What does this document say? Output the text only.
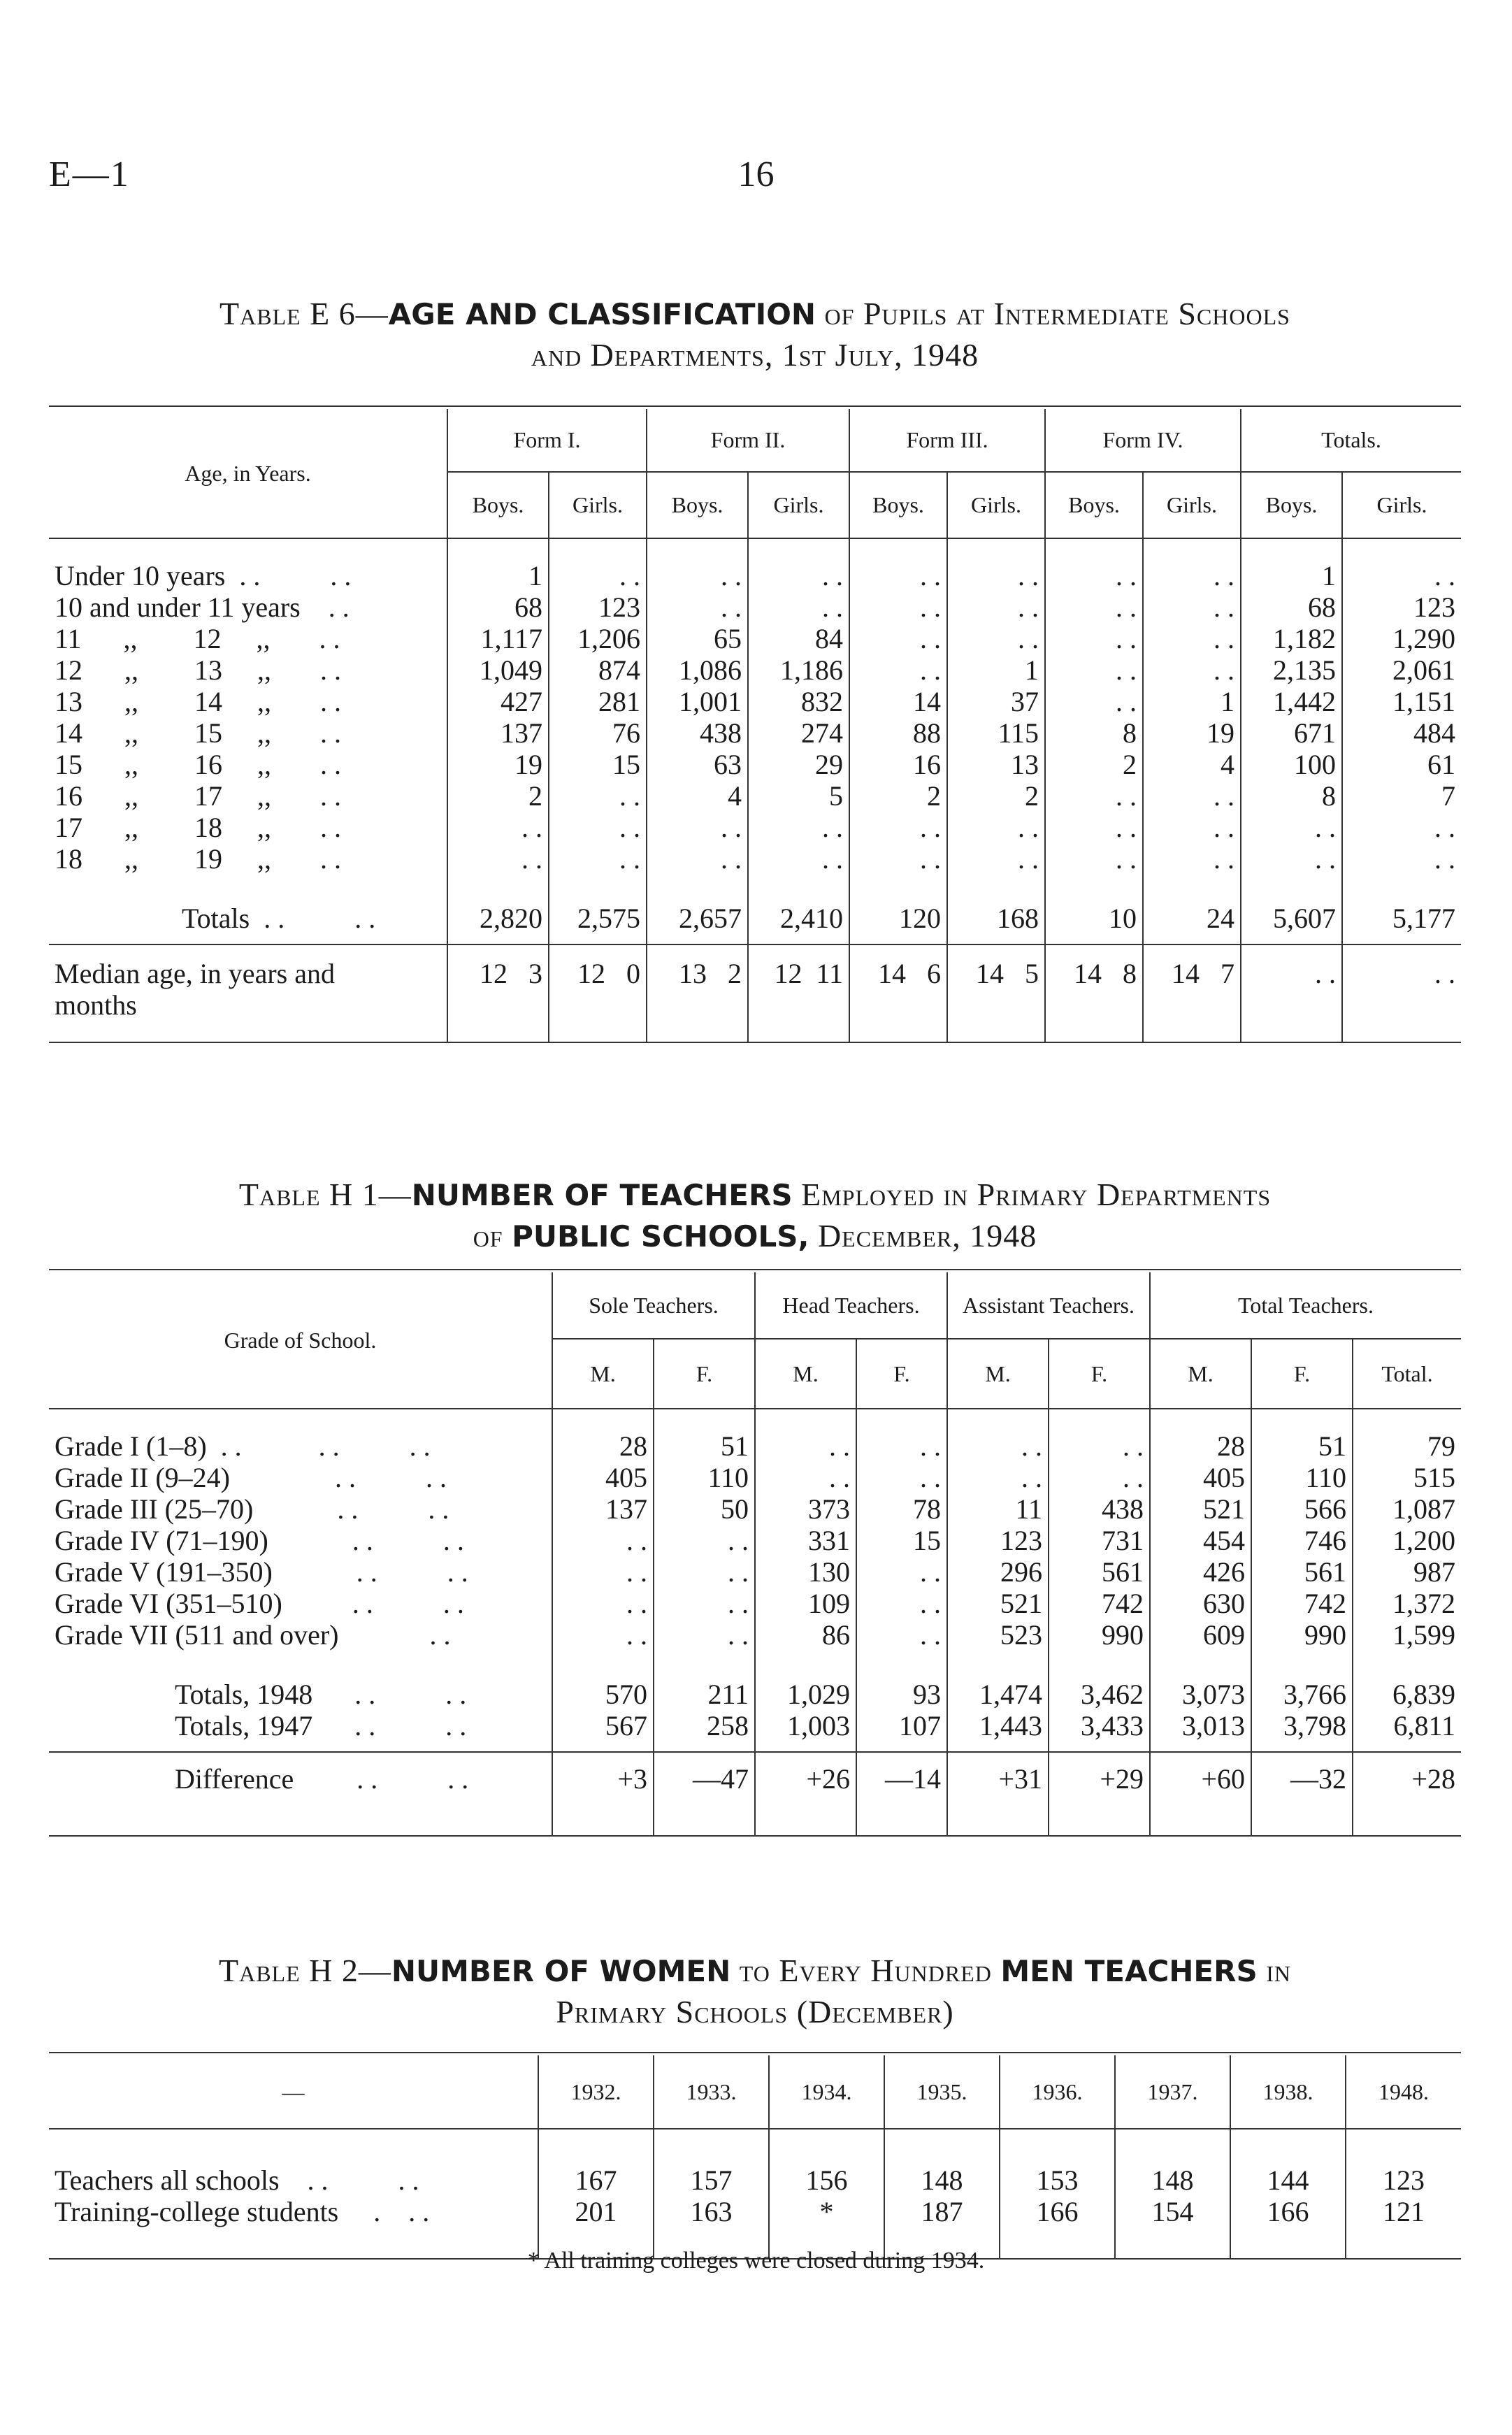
E—1	16
Table E 6—AGE AND CLASSIFICATION of Pupils at Intermediate Schools
and Departments, 1st July, 1948
Age, in Years.	Form I.		Form II.		Form III.		Form IV.		Totals.	
	Boys.	Girls.	Boys.	Girls.	Boys.	Girls.	Boys.	Girls.	Boys.	Girls.
Under 10 years  . .          . .	1	. .	. .	. .	. .	. .	. .	. .	1	. .
10 and under 11 years    . .	68	123	. .	. .	. .	. .	. .	. .	68	123
11      ,,        12     ,,       . .	1,117	1,206	65	84	. .	. .	. .	. .	1,182	1,290
12      ,,        13     ,,       . .	1,049	874	1,086	1,186	. .	1	. .	. .	2,135	2,061
13      ,,        14     ,,       . .	427	281	1,001	832	14	37	. .	1	1,442	1,151
14      ,,        15     ,,       . .	137	76	438	274	88	115	8	19	671	484
15      ,,        16     ,,       . .	19	15	63	29	16	13	2	4	100	61
16      ,,        17     ,,       . .	2	. .	4	5	2	2	. .	. .	8	7
17      ,,        18     ,,       . .	. .	. .	. .	. .	. .	. .	. .	. .	. .	. .
18      ,,        19     ,,       . .	. .	. .	. .	. .	. .	. .	. .	. .	. .	. .
Totals  . .          . .	2,820	2,575	2,657	2,410	120	168	10	24	5,607	5,177

Median age, in years and
months	12   3	12   0	13   2	12  11	14   6	14   5	14   8	14   7	. .	. .
Table H 1—NUMBER OF TEACHERS Employed in Primary Departments
of PUBLIC SCHOOLS, December, 1948
Grade of School.	Sole Teachers.		Head Teachers.		Assistant Teachers.		Total Teachers.		
	M.	F.	M.	F.	M.	F.	M.	F.	Total.
Grade I (1–8)  . .           . .          . .	28	51	. .	. .	. .	. .	28	51	79
Grade II (9–24)               . .          . .	405	110	. .	. .	. .	. .	405	110	515
Grade III (25–70)            . .          . .	137	50	373	78	11	438	521	566	1,087
Grade IV (71–190)            . .          . .	. .	. .	331	15	123	731	454	746	1,200
Grade V (191–350)            . .          . .	. .	. .	130	. .	296	561	426	561	987
Grade VI (351–510)          . .          . .	. .	. .	109	. .	521	742	630	742	1,372
Grade VII (511 and over)             . .	. .	. .	86	. .	523	990	609	990	1,599
Totals, 1948      . .          . .	570	211	1,029	93	1,474	3,462	3,073	3,766	6,839
Totals, 1947      . .          . .	567	258	1,003	107	1,443	3,433	3,013	3,798	6,811
Difference         . .          . .	+3	—47	+26	—14	+31	+29	+60	—32	+28
Table H 2—NUMBER OF WOMEN to Every Hundred MEN TEACHERS in
Primary Schools (December)
—	1932.	1933.	1934.	1935.	1936.	1937.	1938.	1948.
Teachers all schools    . .          . .	167	157	156	148	153	148	144	123
Training-college students     .    . .	201	163	*	187	166	154	166	121
* All training colleges were closed during 1934.
